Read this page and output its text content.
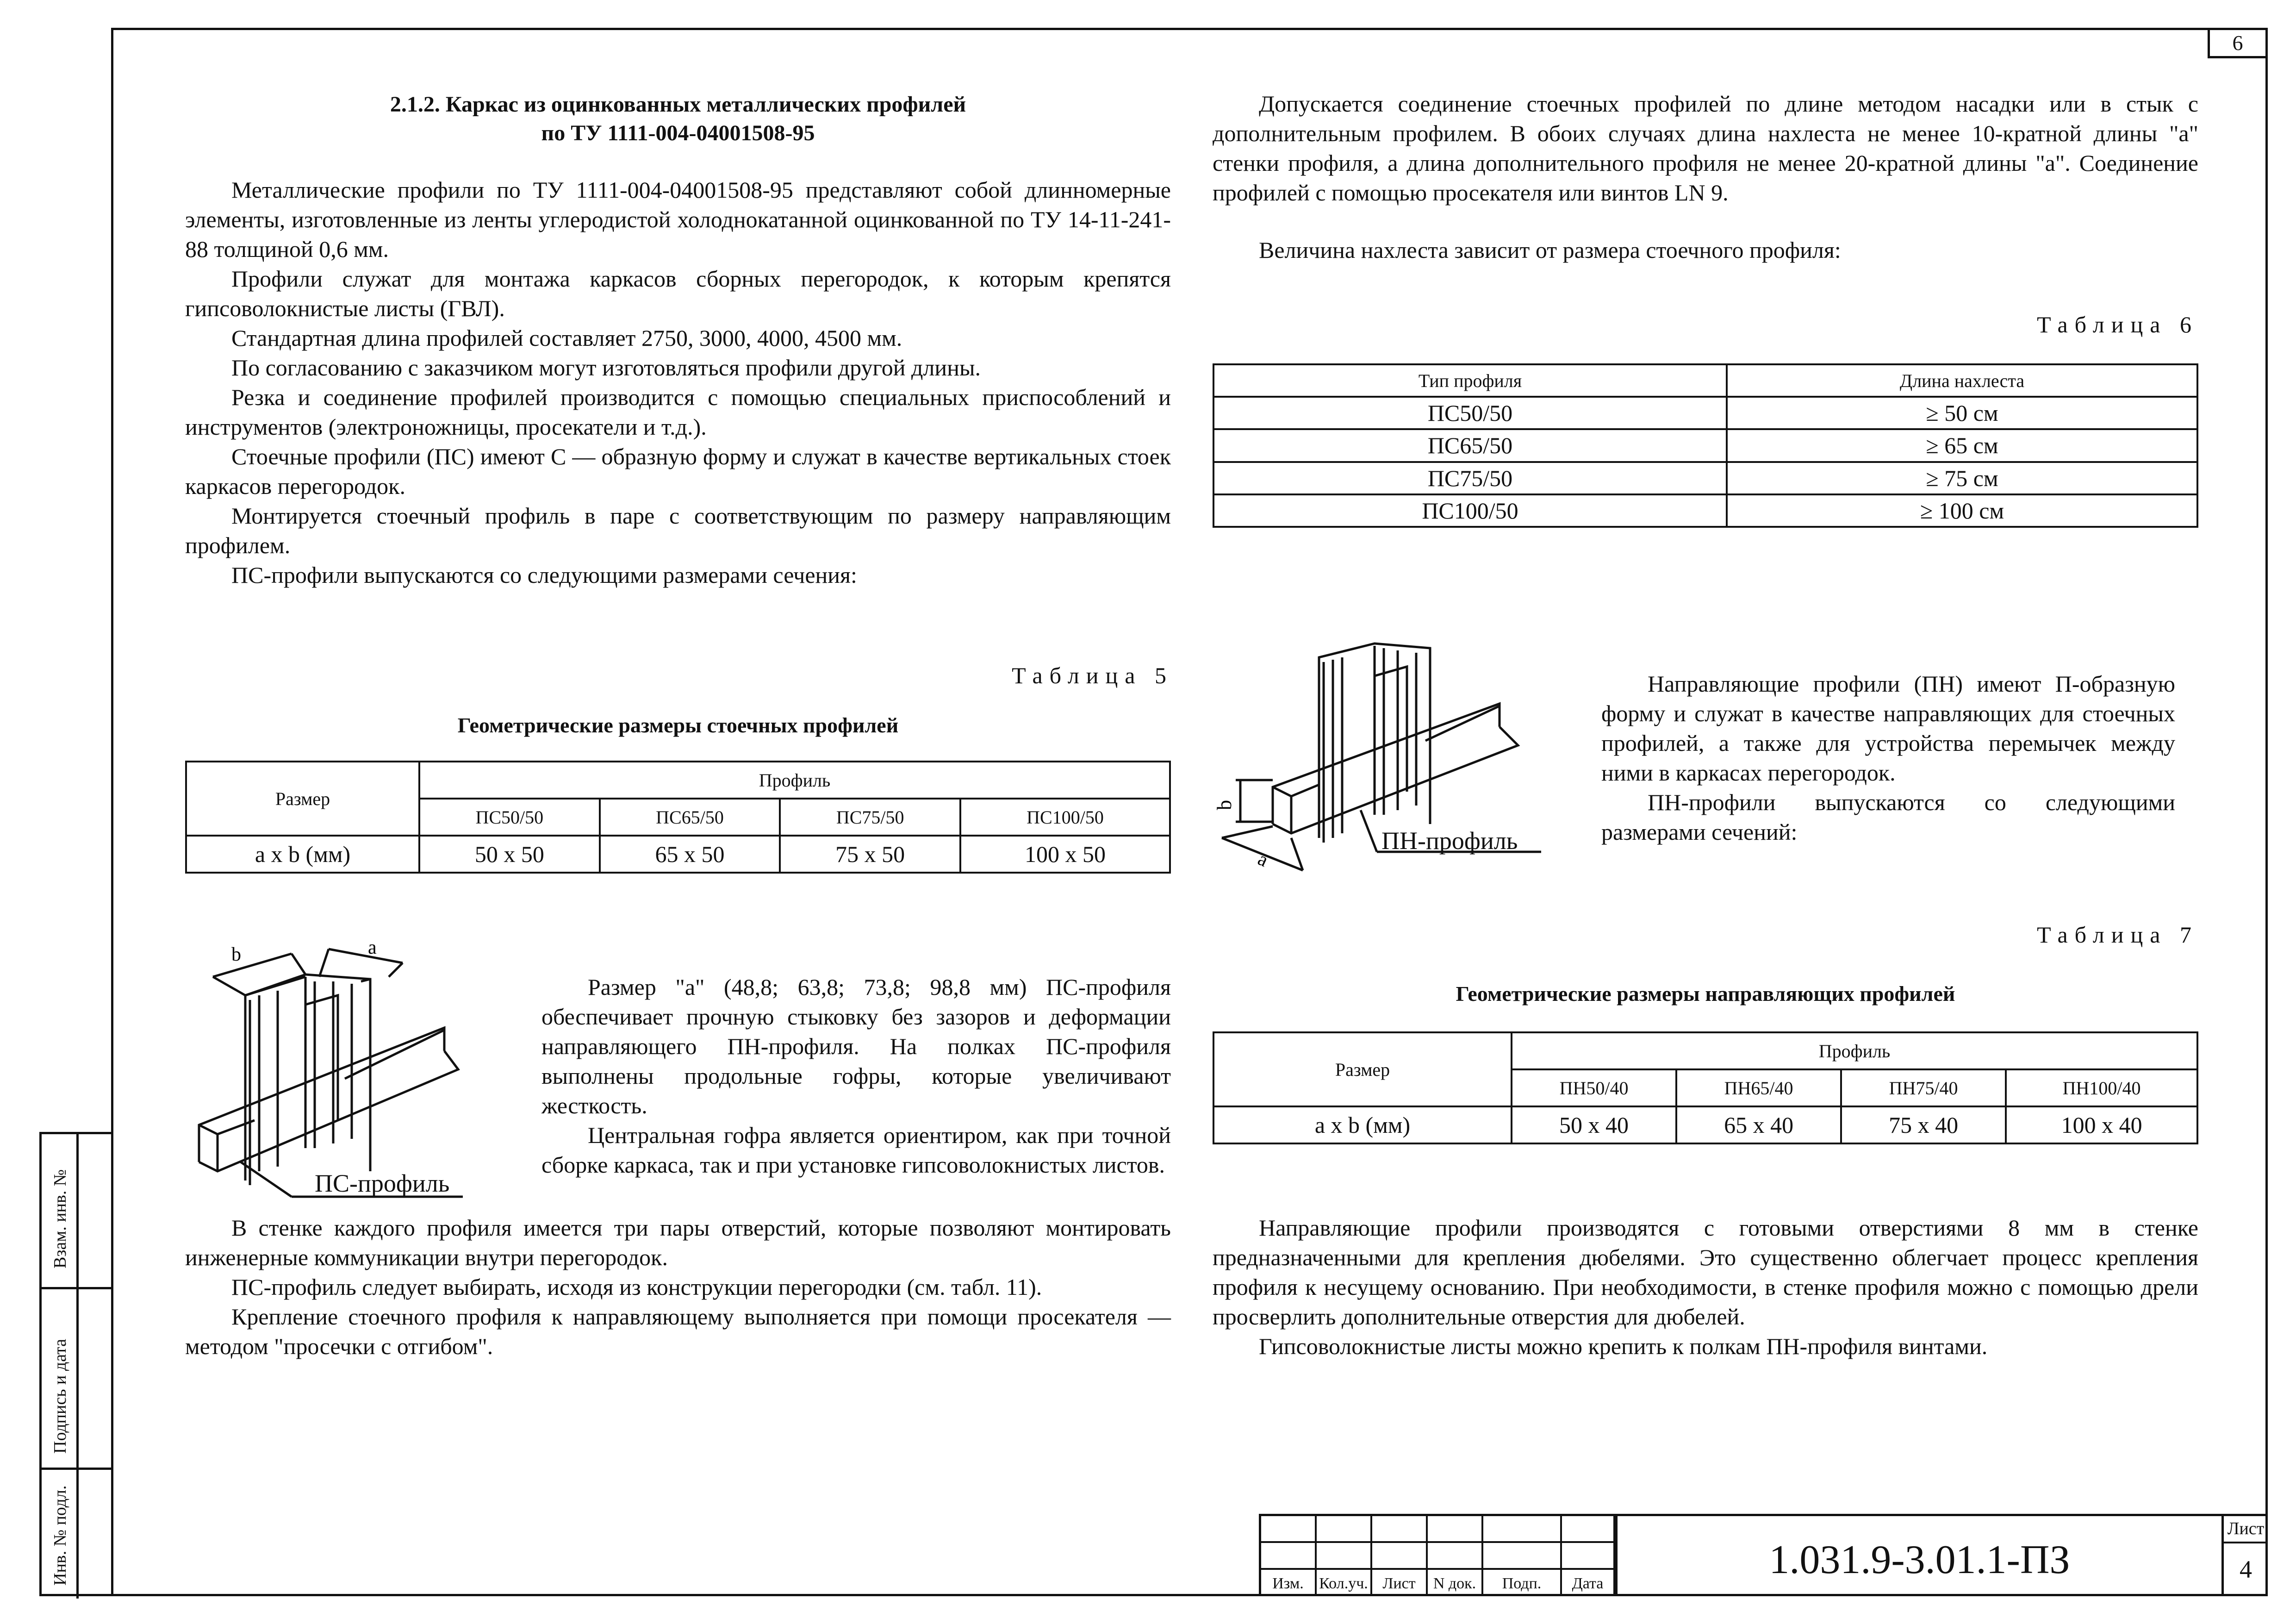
6
2.1.2. Каркас из оцинкованных металлических профилей
по ТУ 1111-004-04001508-95

Металлические профили по ТУ 1111-004-04001508-95 представляют собой длинномерные элементы, изготовленные из ленты углеродистой холоднокатанной оцинкованной по ТУ 14-11-241-88 толщиной 0,6 мм.

Профили служат для монтажа каркасов сборных перегородок, к которым крепятся гипсоволокнистые листы (ГВЛ).

Стандартная длина профилей составляет 2750, 3000, 4000, 4500 мм.

По согласованию с заказчиком могут изготовляться профили другой длины.

Резка и соединение профилей производится с помощью специальных приспособлений и инструментов (электроножницы, просекатели и т.д.).

Стоечные профили (ПС) имеют С — образную форму и служат в качестве вертикальных стоек каркасов перегородок.

Монтируется стоечный профиль в паре с соответствующим по размеру направляющим профилем.

ПС-профили выпускаются со следующими размерами сечения:

Таблица 5
Геометрические размеры стоечных профилей
Размер	Профиль			
	ПС50/50	ПС65/50	ПС75/50	ПС100/50
a x b (мм)	50 х 50	65 х 50	75 х 50	100 х 50
b	a
ПС-профиль

Размер "а" (48,8; 63,8; 73,8; 98,8 мм) ПС-профиля обеспечивает прочную стыковку без зазоров и деформации направляющего ПН-профиля. На полках ПС-профиля выполнены продольные гофры, которые увеличивают жесткость.

Центральная гофра является ориентиром, как при точной сборке каркаса, так и при установке гипсоволокнистых листов.

В стенке каждого профиля имеется три пары отверстий, которые позволяют монтировать инженерные коммуникации внутри перегородок.

ПС-профиль следует выбирать, исходя из конструкции перегородки (см. табл. 11).

Крепление стоечного профиля к направляющему выполняется при помощи просекателя — методом "просечки с отгибом".

Допускается соединение стоечных профилей по длине методом насадки или в стык с дополнительным профилем. В обоих случаях длина нахлеста не менее 10-кратной длины "а" стенки профиля, а длина дополнительного профиля не менее 20-кратной длины "а". Соединение профилей с помощью просекателя или винтов LN 9.

Величина нахлеста зависит от размера стоечного профиля:

Таблица 6
Тип профиля	Длина нахлеста
ПС50/50	≥ 50 см
ПС65/50	≥ 65 см
ПС75/50	≥ 75 см
ПС100/50	≥ 100 см
b
a
ПН-профиль

Направляющие профили (ПН) имеют П-образную форму и служат в качестве направляющих для стоечных профилей, а также для устройства перемычек между ними в каркасах перегородок.

ПН-профили выпускаются со следующими размерами сечений:

Таблица 7
Геометрические размеры направляющих профилей
Размер	Профиль			
	ПН50/40	ПН65/40	ПН75/40	ПН100/40
a x b (мм)	50 х 40	65 х 40	75 х 40	100 х 40

Направляющие профили производятся с готовыми отверстиями 8 мм в стенке предназначенными для крепления дюбелями. Это существенно облегчает процесс крепления профиля к несущему основанию. При необходимости, в стенке профиля можно с помощью дрели просверлить дополнительные отверстия для дюбелей.

Гипсоволокнистые листы можно крепить к полкам ПН-профиля винтами.

Взам. инв. №
Подпись и дата
Инв. № подл.	Изм. Кол.уч. Лист	N док.	Подп.	Дата
1.031.9-3.01.1-ПЗ
Лист
4
